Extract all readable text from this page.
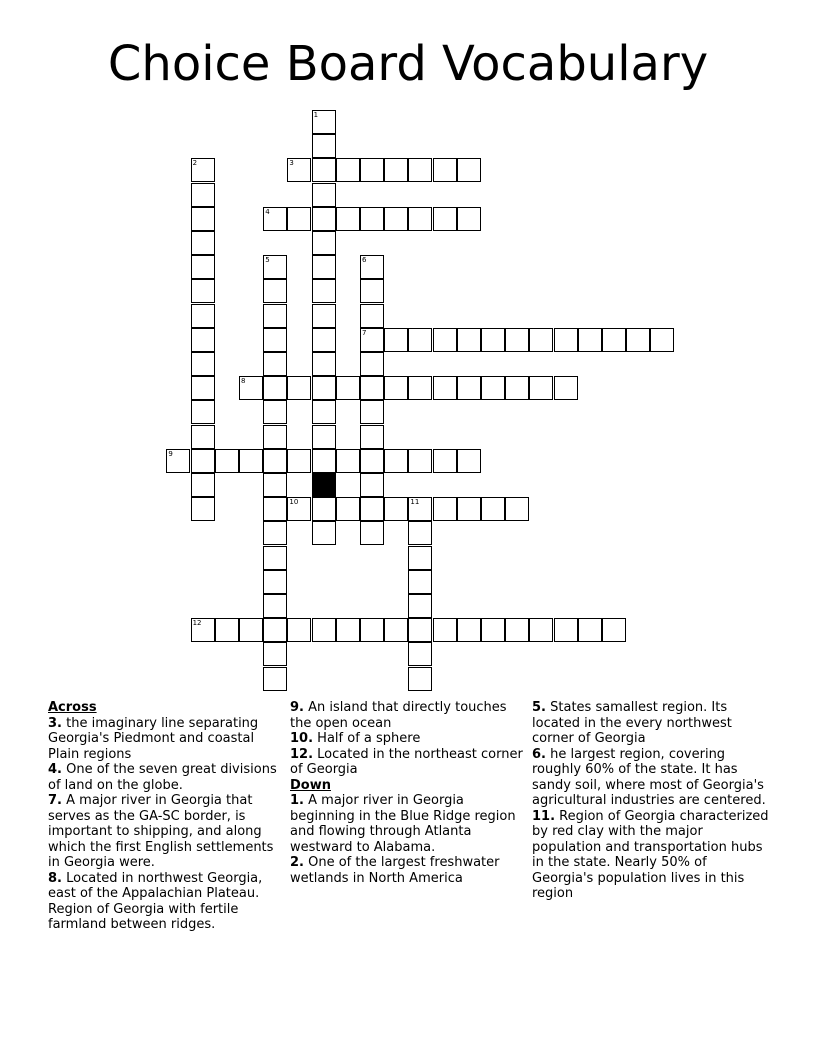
Choice Board Vocabulary
1
2	3
4
5	6
7
8
9
10	11
12
Across
3. the imaginary line separating Georgia's Piedmont and coastal Plain regions
4. One of the seven great divisions of land on the globe.
7. A major river in Georgia that serves as the GA-SC border, is important to shipping, and along which the first English settlements in Georgia were.
8. Located in northwest Georgia, east of the Appalachian Plateau. Region of Georgia with fertile farmland between ridges.
9. An island that directly touches the open ocean
10. Half of a sphere
12. Located in the northeast corner of Georgia
Down
1. A major river in Georgia beginning in the Blue Ridge region and flowing through Atlanta westward to Alabama.
2. One of the largest freshwater wetlands in North America
5. States samallest region. Its located in the every northwest corner of Georgia
6. he largest region, covering roughly 60% of the state. It has sandy soil, where most of Georgia's agricultural industries are centered.
11. Region of Georgia characterized by red clay with the major population and transportation hubs in the state. Nearly 50% of Georgia's population lives in this region
